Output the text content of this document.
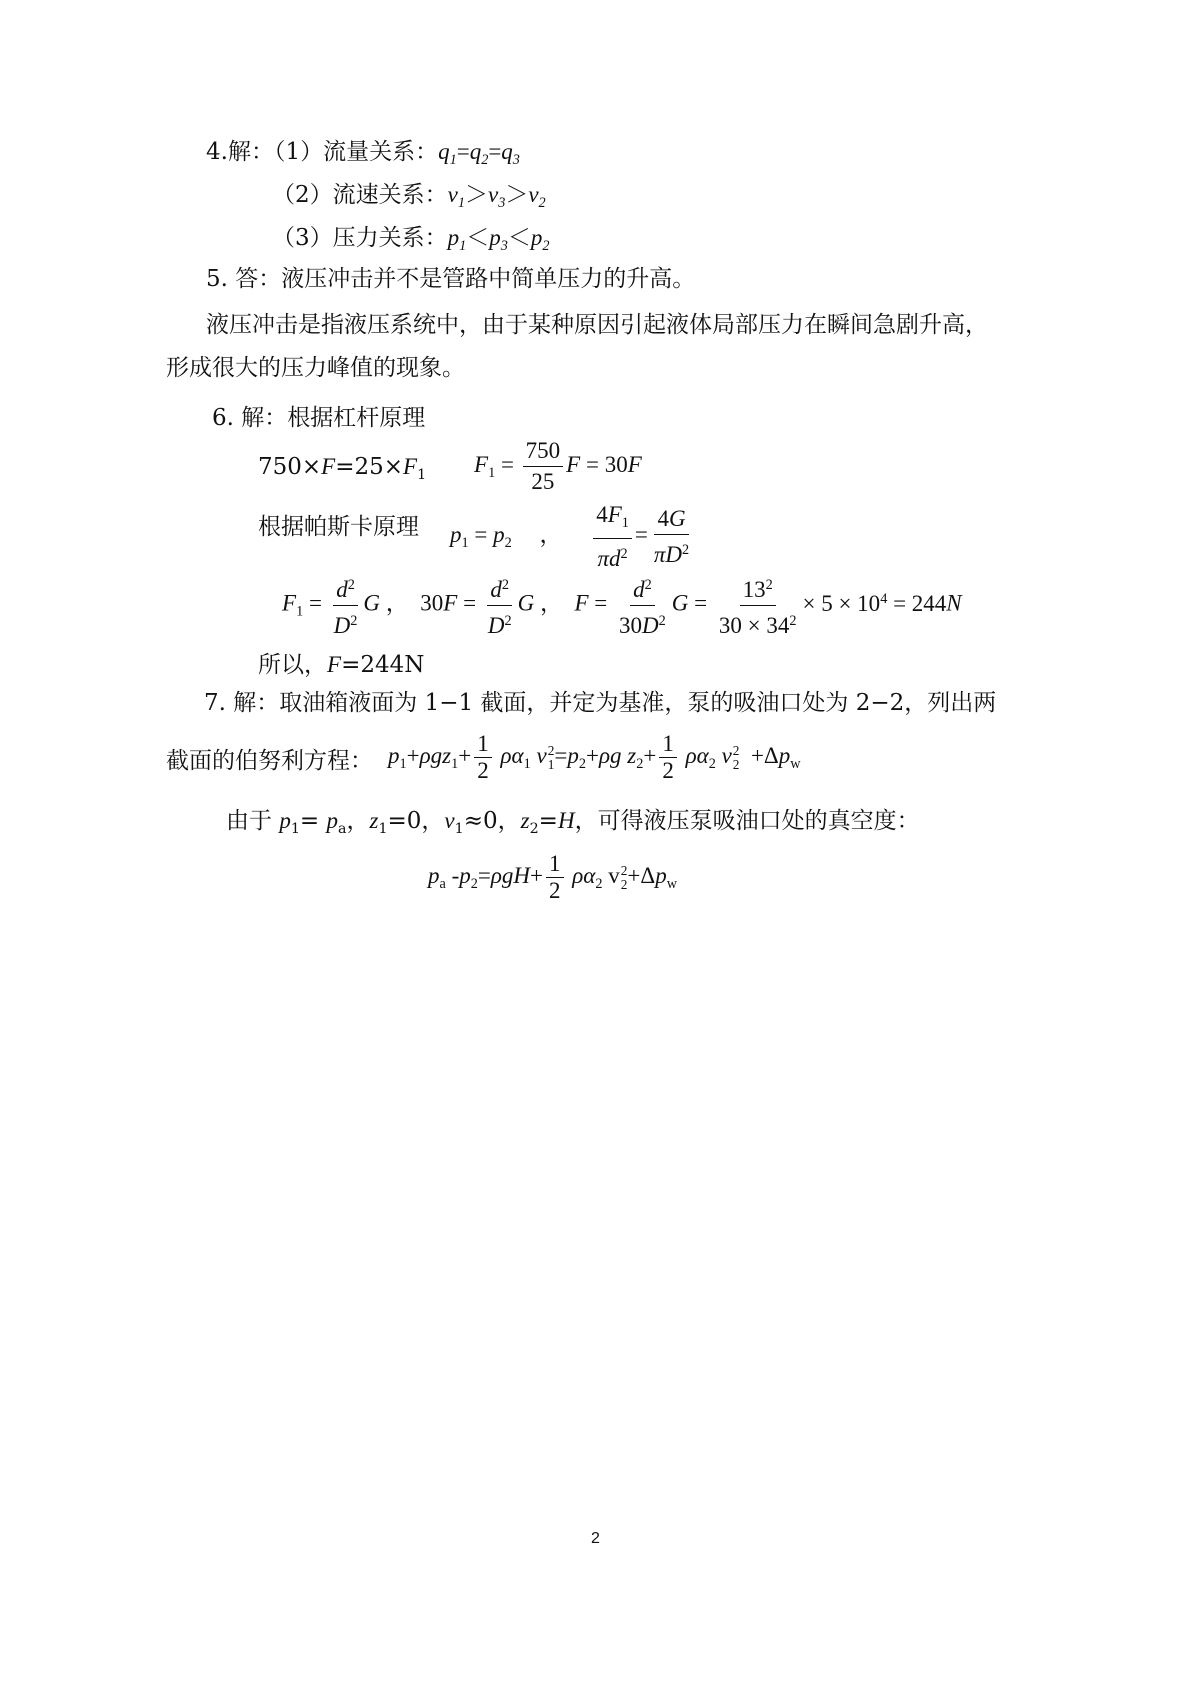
4.解：（1）流量关系：$q_1=q_2=q_3$
（2）流速关系：$v_1>v_3>v_2$
（3）压力关系：$p_1<p_3<p_2$
5. 答：液压冲击并不是管路中简单压力的升高。
液压冲击是指液压系统中，由于某种原因引起液体局部压力在瞬间急剧升高，
形成很大的压力峰值的现象。
6. 解：根据杠杆原理
$750\times F=25\times F_1$ $F_1 = \frac{750}{25}$ F = 30F
根据帕斯卡原理 $p_1 = p_2$ ， $\frac{4F_1}{\pi d^2} = \frac{4G}{\pi D^2}$
$F_1 = \frac{d^2}{D^2}$ G ，  $30F = \frac{d^2}{D^2}$ G ，  $F = \frac{d^2}{30D^2}$ $G = \frac{13^2}{30 \times 34^2} \times 5 \times 10^4 = 244N$
所以，F=244N
7. 解：取油箱液面为 1−1 截面，并定为基准，泵的吸油口处为 2−2，列出两
截面的伯努利方程： $p_1+\rho gz_1+ \frac{1}{2} \rho\alpha_1$ v 2
$1 =p_2+\rho g$ $z_2+ \frac{1}{2} \rho\alpha_2$ v 2
$2 +\Delta p_w$
由于 $p_1= p_a$，$z_1=0$，$v_1\approx 0$，$z_2=H$，可得液压泵吸油口处的真空度：
$p_a$ $-p_2=\rho gH+ \frac{1}{2} \rho\alpha_2$ v 2
$2 +\Delta p_w$
2
